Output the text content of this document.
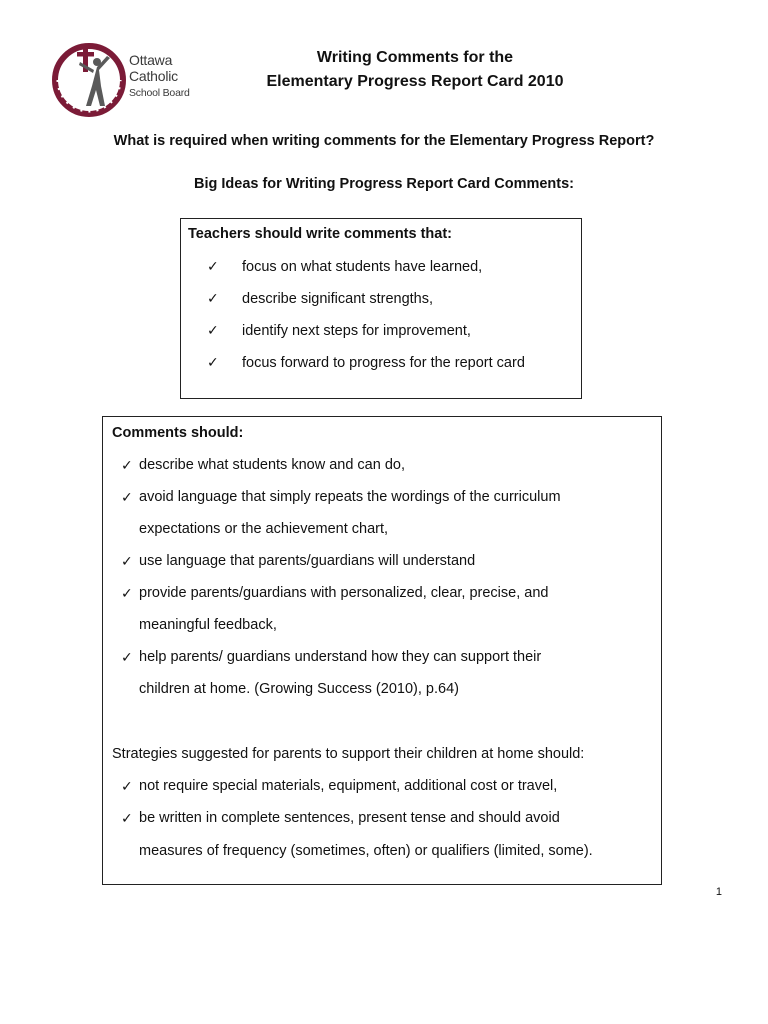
Ottawa
Catholic
School Board
Writing Comments for the
Elementary Progress Report Card 2010
What is required when writing comments for the Elementary Progress Report?
Big Ideas for Writing Progress Report Card Comments:
Teachers should write comments that:
✓ focus on what students have learned,
✓ describe significant strengths,
✓ identify next steps for improvement,
✓ focus forward to progress for the report card
Comments should:
✓ describe what students know and can do,
✓ avoid language that simply repeats the wordings of the curriculum
expectations or the achievement chart,
✓ use language that parents/guardians will understand
✓ provide parents/guardians with personalized, clear, precise, and
meaningful feedback,
✓ help parents/ guardians understand how they can support their
children at home. (Growing Success (2010), p.64)
Strategies suggested for parents to support their children at home should:
✓ not require special materials, equipment, additional cost or travel,
✓ be written in complete sentences, present tense and should avoid
measures of frequency (sometimes, often) or qualifiers (limited, some).
1
